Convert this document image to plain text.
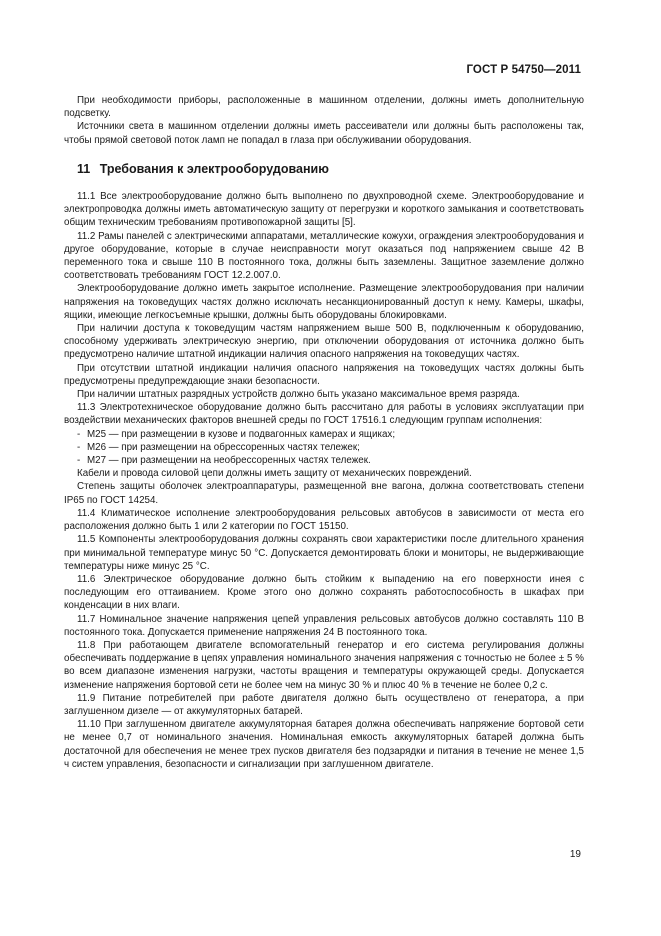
ГОСТ Р 54750—2011

При необходимости приборы, расположенные в машинном отделении, должны иметь дополнительную подсветку.

Источники света в машинном отделении должны иметь рассеиватели или должны быть расположены так, чтобы прямой световой поток ламп не попадал в глаза при обслуживании оборудования.

11 Требования к электрооборудованию

11.1 Все электрооборудование должно быть выполнено по двухпроводной схеме. Электрооборудование и электропроводка должны иметь автоматическую защиту от перегрузки и короткого замыкания и соответствовать общим техническим требованиям противопожарной защиты [5].

11.2 Рамы панелей с электрическими аппаратами, металлические кожухи, ограждения электрооборудования и другое оборудование, которые в случае неисправности могут оказаться под напряжением свыше 42 В переменного тока и свыше 110 В постоянного тока, должны быть заземлены. Защитное заземление должно соответствовать требованиям ГОСТ 12.2.007.0.

Электрооборудование должно иметь закрытое исполнение. Размещение электрооборудования при наличии напряжения на токоведущих частях должно исключать несанкционированный доступ к нему. Камеры, шкафы, ящики, имеющие легкосъемные крышки, должны быть оборудованы блокировками.

При наличии доступа к токоведущим частям напряжением выше 500 В, подключенным к оборудованию, способному удерживать электрическую энергию, при отключении оборудования от источника должно быть предусмотрено наличие штатной индикации наличия опасного напряжения на токоведущих частях.

При отсутствии штатной индикации наличия опасного напряжения на токоведущих частях должны быть предусмотрены предупреждающие знаки безопасности.

При наличии штатных разрядных устройств должно быть указано максимальное время разряда.

11.3 Электротехническое оборудование должно быть рассчитано для работы в условиях эксплуатации при воздействии механических факторов внешней среды по ГОСТ 17516.1 следующим группам исполнения:

- М25 — при размещении в кузове и подвагонных камерах и ящиках;
- М26 — при размещении на обрессоренных частях тележек;
- М27 — при размещении на необрессоренных частях тележек.

Кабели и провода силовой цепи должны иметь защиту от механических повреждений.

Степень защиты оболочек электроаппаратуры, размещенной вне вагона, должна соответствовать степени IP65 по ГОСТ 14254.

11.4 Климатическое исполнение электрооборудования рельсовых автобусов в зависимости от места его расположения должно быть 1 или 2 категории по ГОСТ 15150.

11.5 Компоненты электрооборудования должны сохранять свои характеристики после длительного хранения при минимальной температуре минус 50 °С. Допускается демонтировать блоки и мониторы, не выдерживающие температуры ниже минус 25 °С.

11.6 Электрическое оборудование должно быть стойким к выпадению на его поверхности инея с последующим его оттаиванием. Кроме этого оно должно сохранять работоспособность в шкафах при конденсации в них влаги.

11.7 Номинальное значение напряжения цепей управления рельсовых автобусов должно составлять 110 В постоянного тока. Допускается применение напряжения 24 В постоянного тока.

11.8 При работающем двигателе вспомогательный генератор и его система регулирования должны обеспечивать поддержание в цепях управления номинального значения напряжения с точностью не более ± 5 % во всем диапазоне изменения нагрузки, частоты вращения и температуры окружающей среды. Допускается изменение напряжения бортовой сети не более чем на минус 30 % и плюс 40 % в течение не более 0,2 с.

11.9 Питание потребителей при работе двигателя должно быть осуществлено от генератора, а при заглушенном дизеле — от аккумуляторных батарей.

11.10 При заглушенном двигателе аккумуляторная батарея должна обеспечивать напряжение бортовой сети не менее 0,7 от номинального значения. Номинальная емкость аккумуляторных батарей должна быть достаточной для обеспечения не менее трех пусков двигателя без подзарядки и питания в течение не менее 1,5 ч систем управления, безопасности и сигнализации при заглушенном двигателе.

19
